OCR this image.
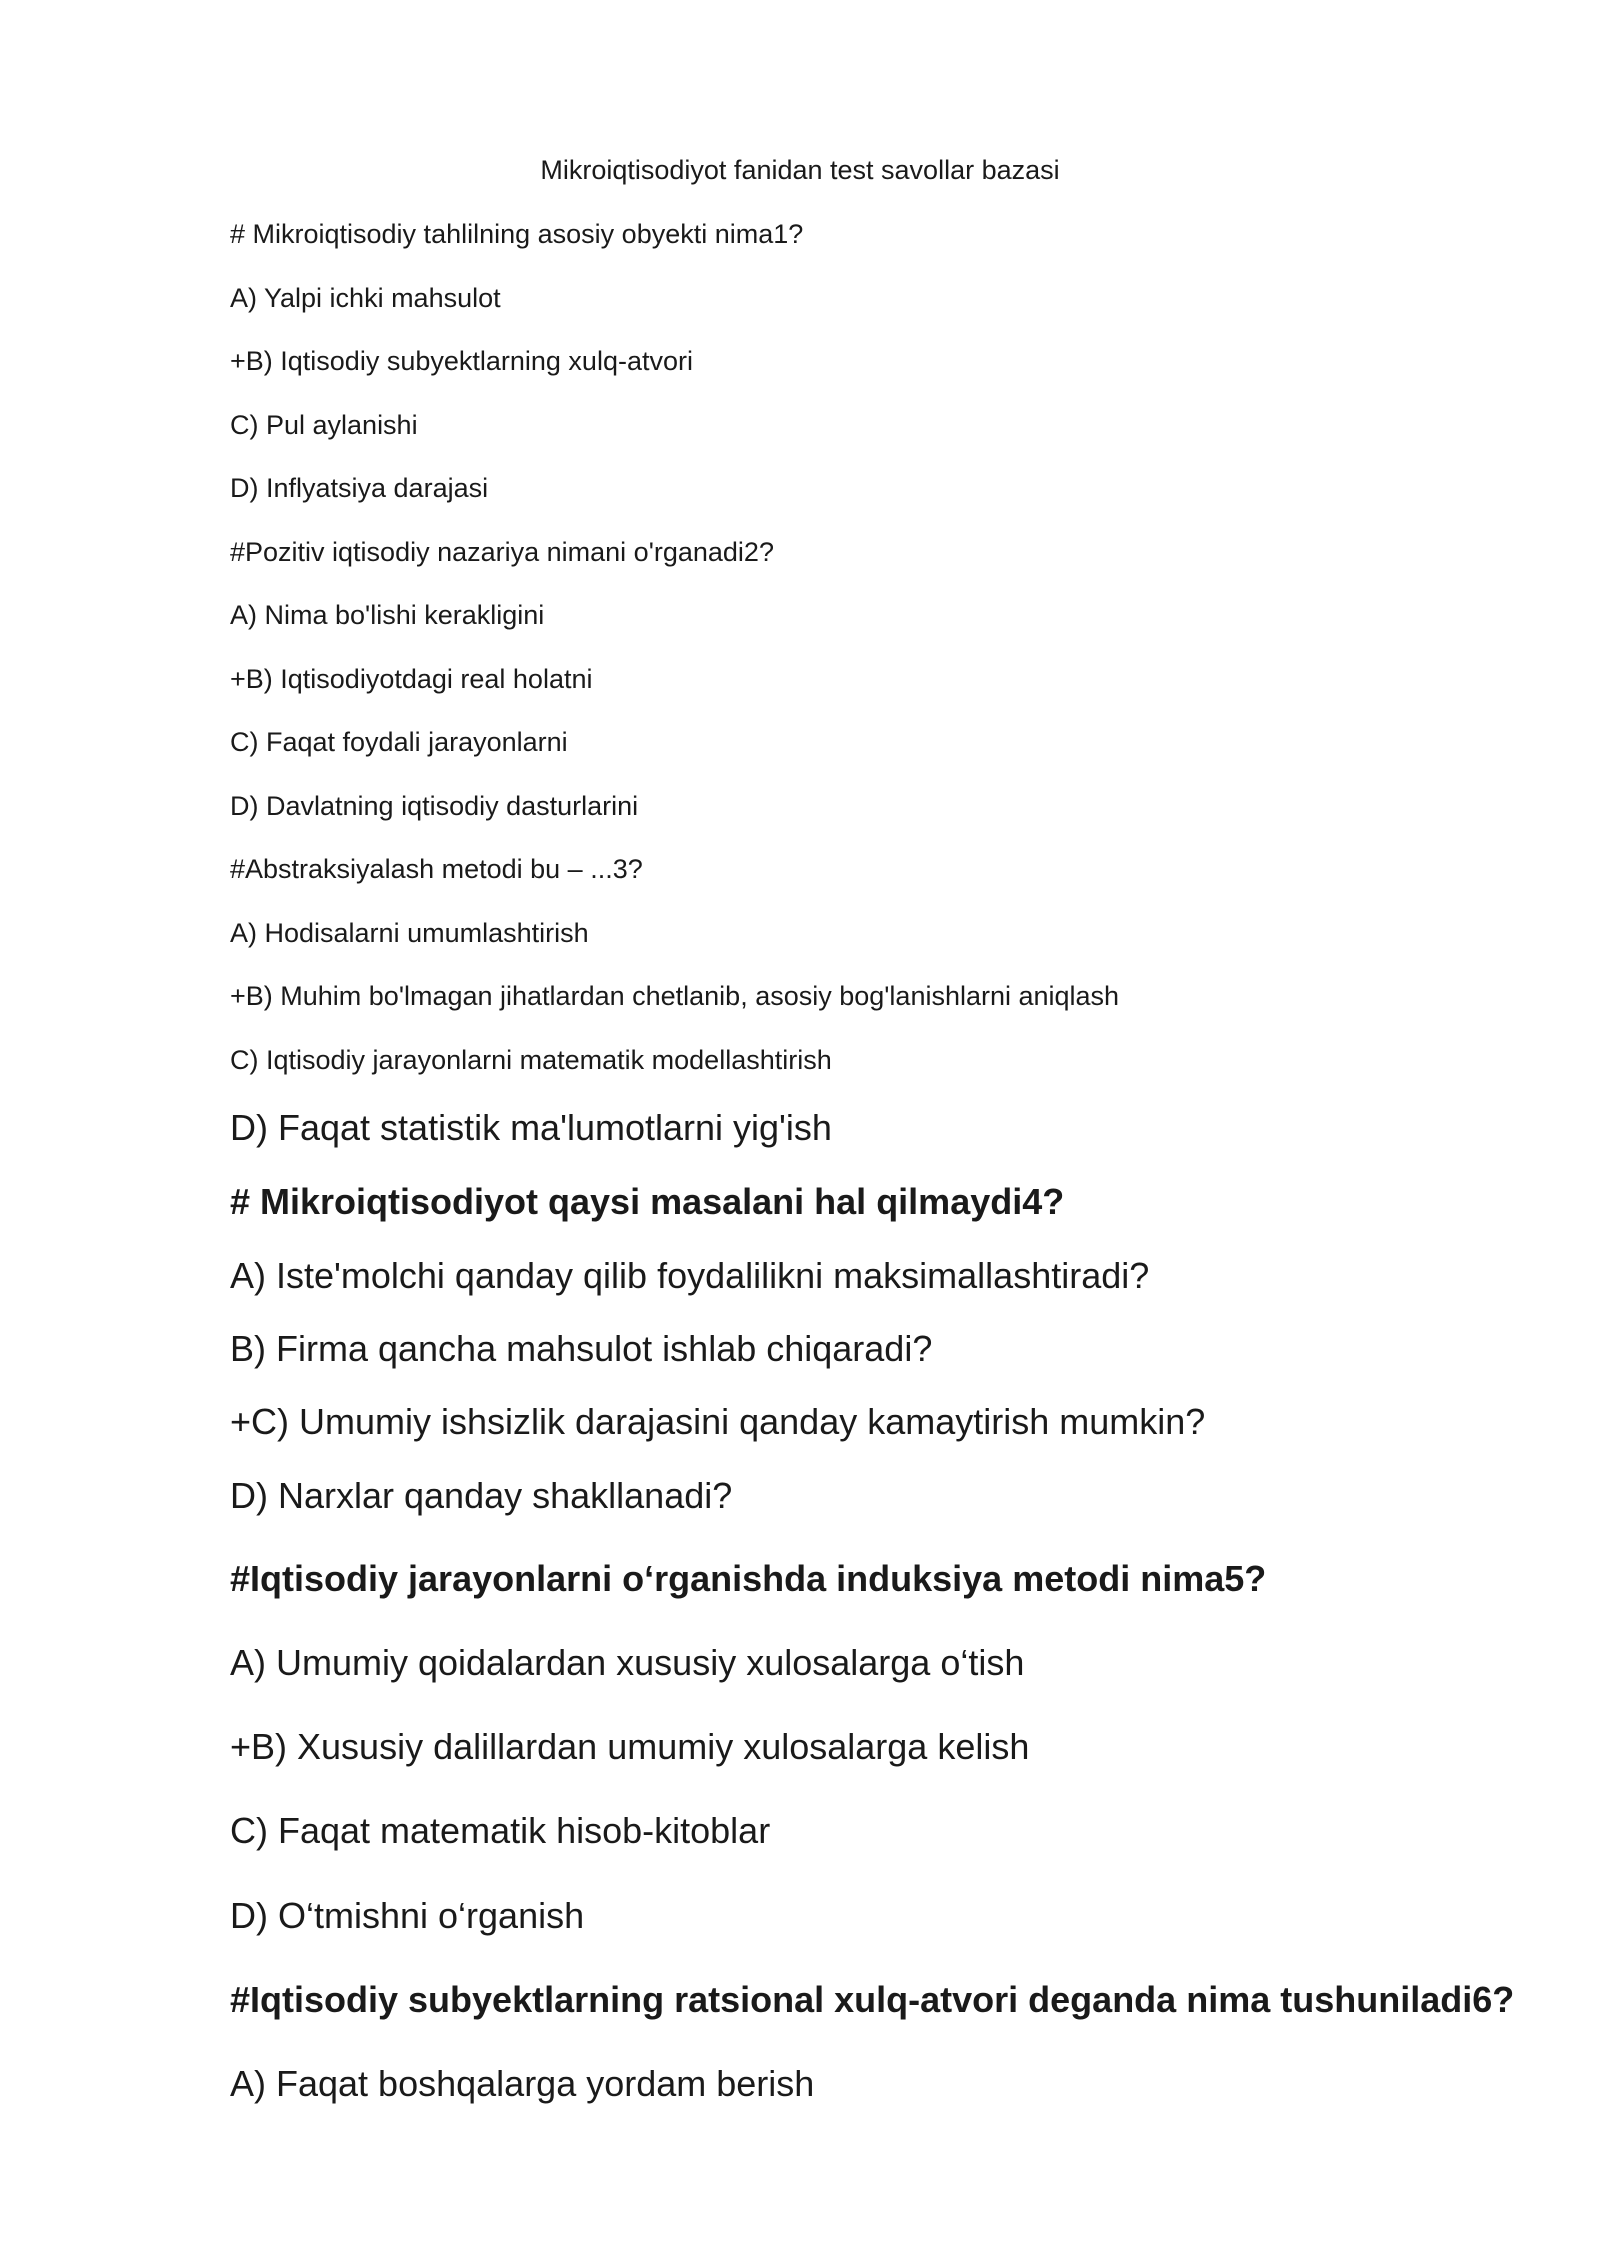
Mikroiqtisodiyot fanidan test savollar bazasi
# Mikroiqtisodiy tahlilning asosiy obyekti nima1?
A) Yalpi ichki mahsulot
+B) Iqtisodiy subyektlarning xulq-atvori
C) Pul aylanishi
D) Inflyatsiya darajasi
#Pozitiv iqtisodiy nazariya nimani o'rganadi2?
A) Nima bo'lishi kerakligini
+B) Iqtisodiyotdagi real holatni
C) Faqat foydali jarayonlarni
D) Davlatning iqtisodiy dasturlarini
#Abstraksiyalash metodi bu – ...3?
A) Hodisalarni umumlashtirish
+B) Muhim bo'lmagan jihatlardan chetlanib, asosiy bog'lanishlarni aniqlash
C) Iqtisodiy jarayonlarni matematik modellashtirish
D) Faqat statistik ma'lumotlarni yig'ish
# Mikroiqtisodiyot qaysi masalani hal qilmaydi4?
A) Iste'molchi qanday qilib foydalilikni maksimallashtiradi?
B) Firma qancha mahsulot ishlab chiqaradi?
+C) Umumiy ishsizlik darajasini qanday kamaytirish mumkin?
D) Narxlar qanday shakllanadi?
#Iqtisodiy jarayonlarni o‘rganishda induksiya metodi nima5?
A) Umumiy qoidalardan xususiy xulosalarga o‘tish
+B) Xususiy dalillardan umumiy xulosalarga kelish
C) Faqat matematik hisob-kitoblar
D) O‘tmishni o‘rganish
#Iqtisodiy subyektlarning ratsional xulq-atvori deganda nima tushuniladi6?
A) Faqat boshqalarga yordam berish
